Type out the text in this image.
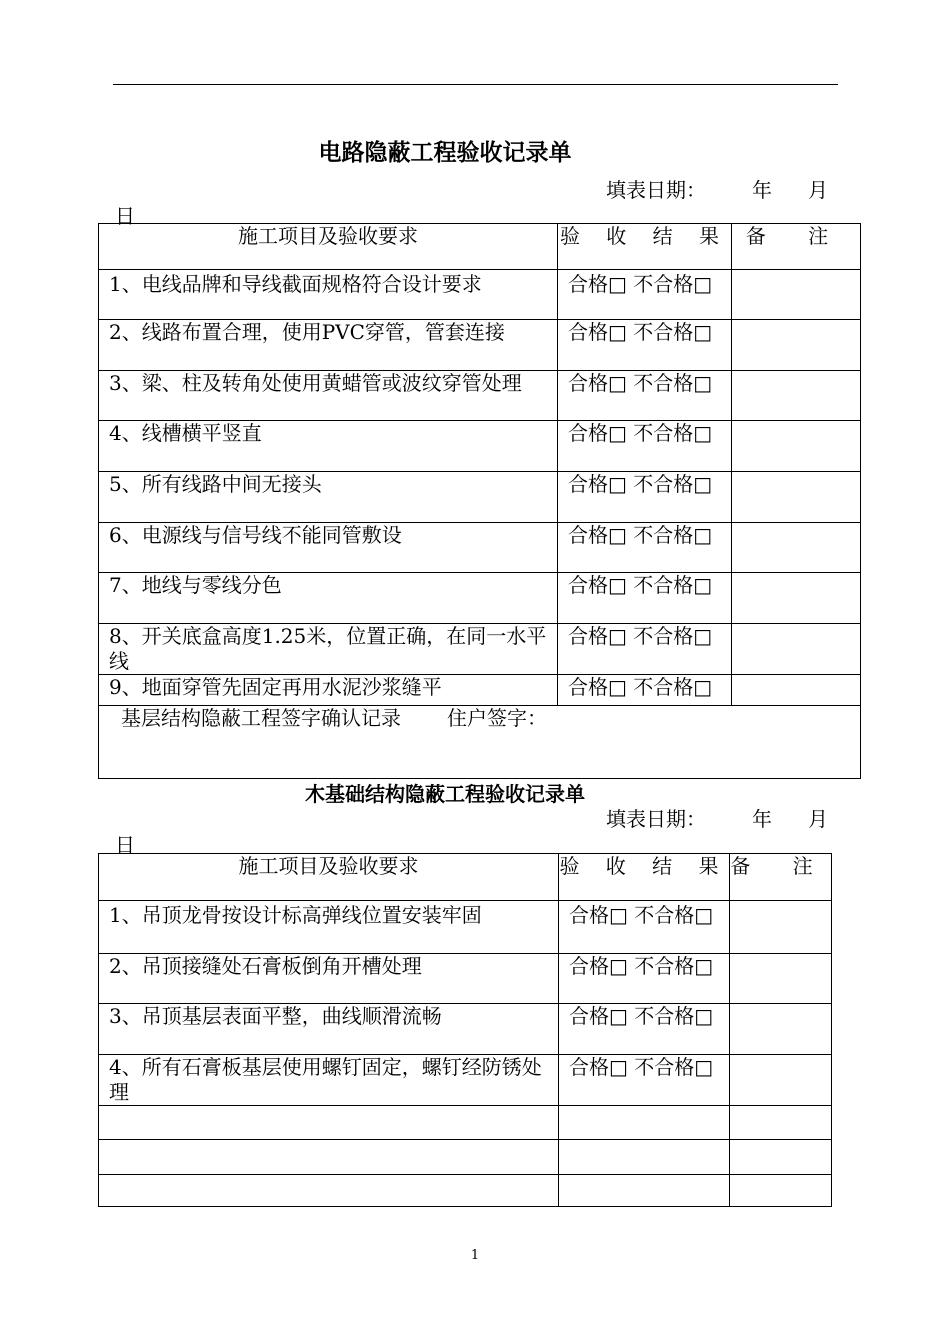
电路隐蔽工程验收记录单
填表日期： 年 月
日
施工项目及验收要求	验 收 结 果	备 注
1、电线品牌和导线截面规格符合设计要求	合格□ 不合格□	
2、线路布置合理，使用PVC穿管，管套连接	合格□ 不合格□	
3、梁、柱及转角处使用黄蜡管或波纹穿管处理	合格□ 不合格□	
4、线槽横平竖直	合格□ 不合格□	
5、所有线路中间无接头	合格□ 不合格□	
6、电源线与信号线不能同管敷设	合格□ 不合格□	
7、地线与零线分色	合格□ 不合格□	
8、开关底盒高度1.25米，位置正确，在同一水平线	合格□ 不合格□	
9、地面穿管先固定再用水泥沙浆缝平	合格□ 不合格□	

基层结构隐蔽工程签字确认记录 住户签字：		
木基础结构隐蔽工程验收记录单
填表日期： 年 月
日
施工项目及验收要求	验 收 结 果	备 注
1、吊顶龙骨按设计标高弹线位置安装牢固	合格□ 不合格□	
2、吊顶接缝处石膏板倒角开槽处理	合格□ 不合格□	
3、吊顶基层表面平整，曲线顺滑流畅	合格□ 不合格□	
4、所有石膏板基层使用螺钉固定，螺钉经防锈处理	合格□ 不合格□	

1
